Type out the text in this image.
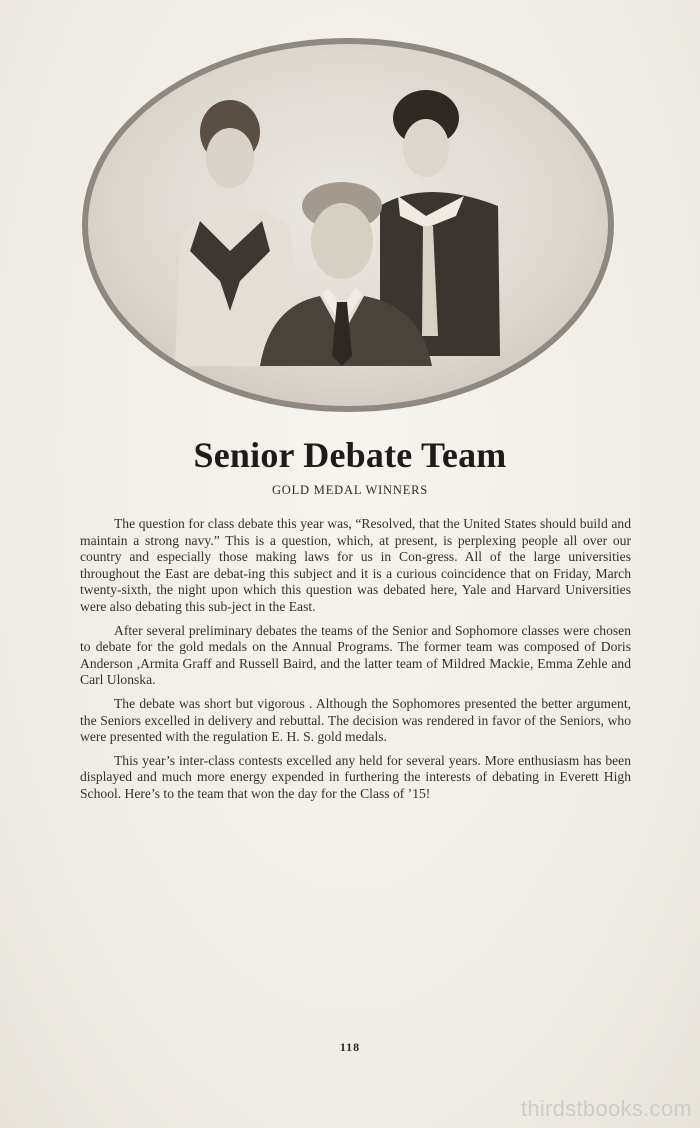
Senior Debate Team
GOLD MEDAL WINNERS

The question for class debate this year was, “Resolved, that the United States should build and maintain a strong navy.” This is a question, which, at present, is perplexing people all over our country and especially those making laws for us in Con-gress. All of the large universities throughout the East are debat-ing this subject and it is a curious coincidence that on Friday, March twenty-sixth, the night upon which this question was debated here, Yale and Harvard Universities were also debating this sub-ject in the East.

After several preliminary debates the teams of the Senior and Sophomore classes were chosen to debate for the gold medals on the Annual Programs. The former team was composed of Doris Anderson ,Armita Graff and Russell Baird, and the latter team of Mildred Mackie, Emma Zehle and Carl Ulonska.

The debate was short but vigorous . Although the Sophomores presented the better argument, the Seniors excelled in delivery and rebuttal. The decision was rendered in favor of the Seniors, who were presented with the regulation E. H. S. gold medals.

This year’s inter-class contests excelled any held for several years. More enthusiasm has been displayed and much more energy expended in furthering the interests of debating in Everett High School. Here’s to the team that won the day for the Class of ’15!

118
thirdstbooks.com
